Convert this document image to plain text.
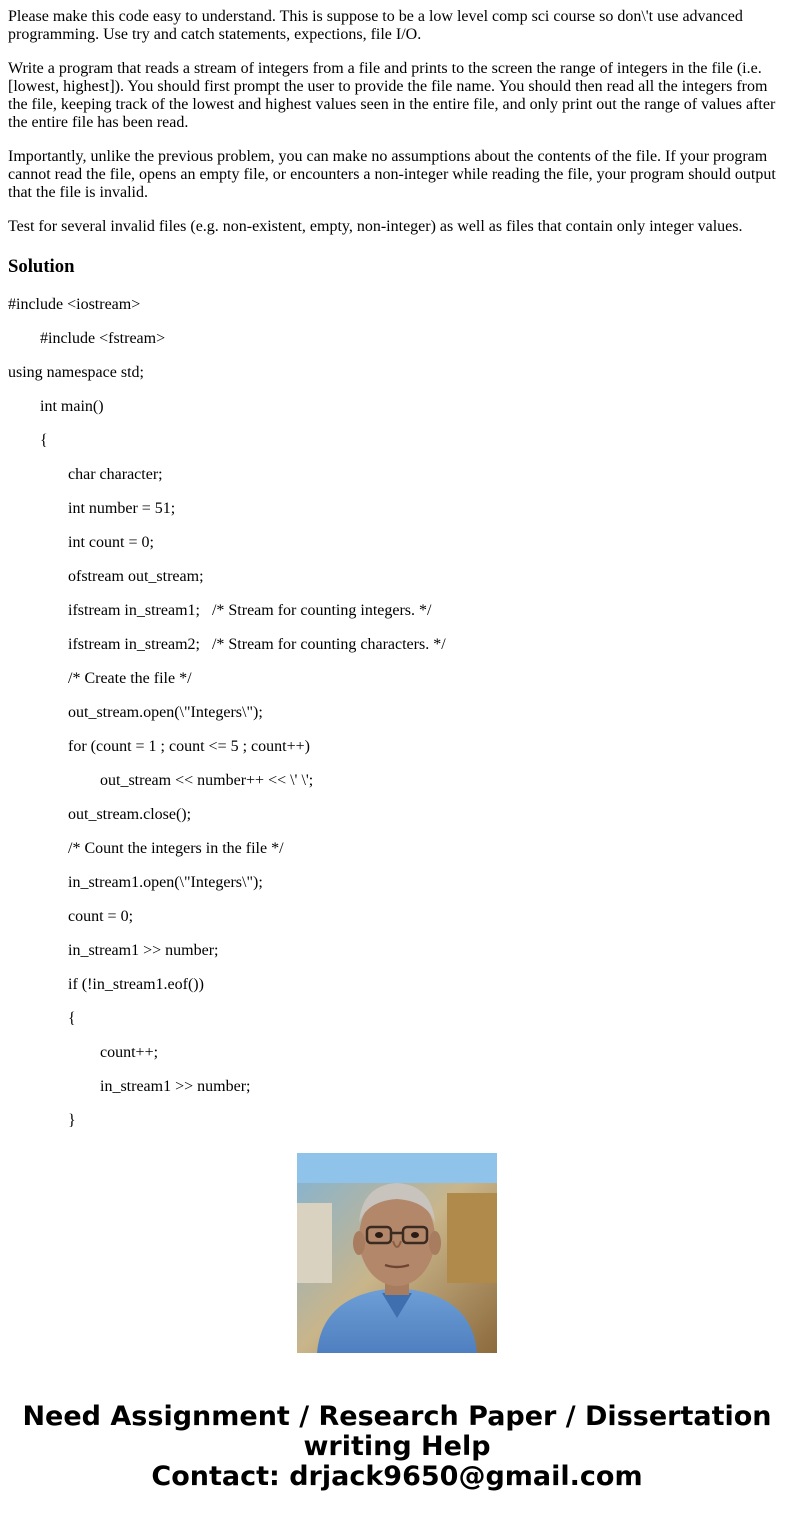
Please make this code easy to understand. This is suppose to be a low level comp sci course so don\'t use advanced programming. Use try and catch statements, expections, file I/O.

Write a program that reads a stream of integers from a file and prints to the screen the range of integers in the file (i.e. [lowest, highest]). You should first prompt the user to provide the file name. You should then read all the integers from the file, keeping track of the lowest and highest values seen in the entire file, and only print out the range of values after the entire file has been read.

Importantly, unlike the previous problem, you can make no assumptions about the contents of the file. If your program cannot read the file, opens an empty file, or encounters a non-integer while reading the file, your program should output that the file is invalid.

Test for several invalid files (e.g. non-existent, empty, non-integer) as well as files that contain only integer values.

Solution
#include <iostream>
#include <fstream>
using namespace std;
int main()
{
char character;
int number = 51;
int count = 0;
ofstream out_stream;
ifstream in_stream1;   /* Stream for counting integers. */
ifstream in_stream2;   /* Stream for counting characters. */
/* Create the file */
out_stream.open(\"Integers\");
for (count = 1 ; count <= 5 ; count++)
out_stream << number++ << \' \';
out_stream.close();
/* Count the integers in the file */
in_stream1.open(\"Integers\");
count = 0;
in_stream1 >> number;
if (!in_stream1.eof())
{
count++;
in_stream1 >> number;
}
Need Assignment / Research Paper / Dissertation
writing Help
Contact: drjack9650@gmail.com
